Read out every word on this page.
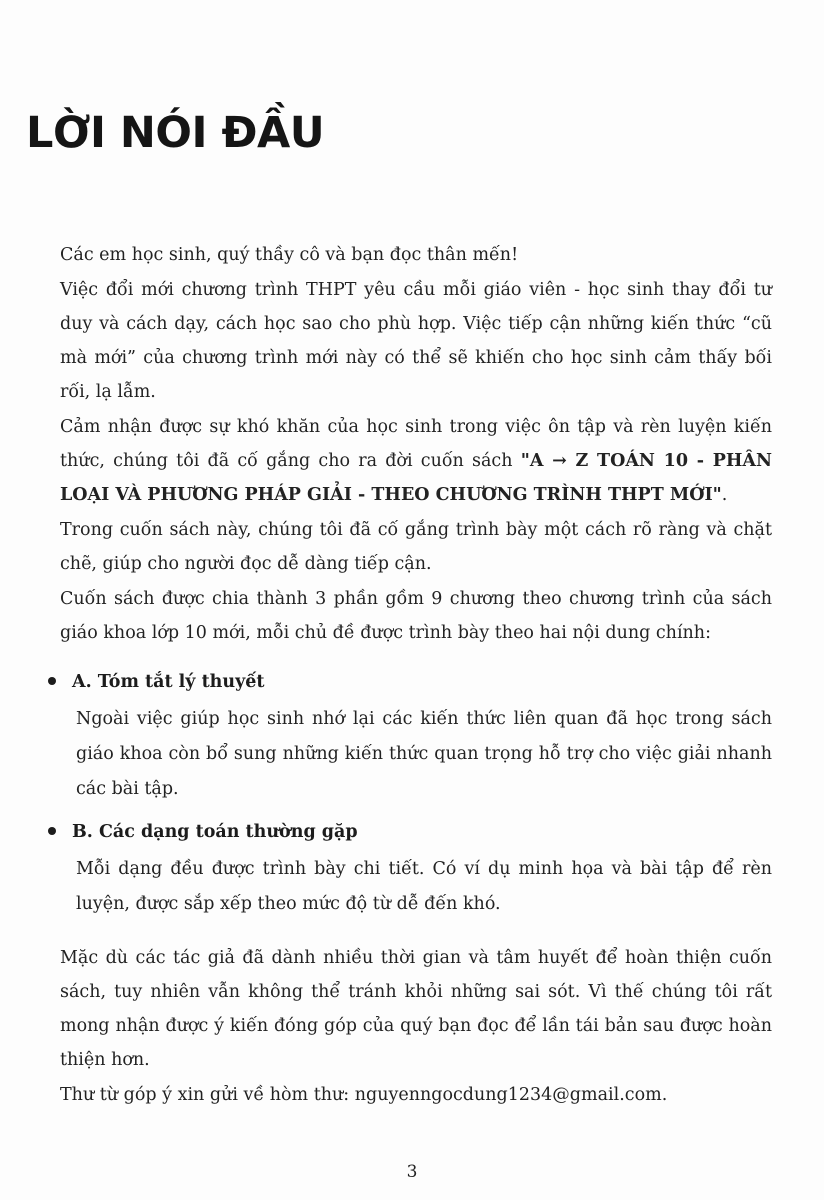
LỜI NÓI ĐẦU

Các em học sinh, quý thầy cô và bạn đọc thân mến!

Việc đổi mới chương trình THPT yêu cầu mỗi giáo viên - học sinh thay đổi tư duy và cách dạy, cách học sao cho phù hợp. Việc tiếp cận những kiến thức “cũ mà mới” của chương trình mới này có thể sẽ khiến cho học sinh cảm thấy bối rối, lạ lẫm.

Cảm nhận được sự khó khăn của học sinh trong việc ôn tập và rèn luyện kiến thức, chúng tôi đã cố gắng cho ra đời cuốn sách "A → Z TOÁN 10 - PHÂN LOẠI VÀ PHƯƠNG PHÁP GIẢI - THEO CHƯƠNG TRÌNH THPT MỚI".

Trong cuốn sách này, chúng tôi đã cố gắng trình bày một cách rõ ràng và chặt chẽ, giúp cho người đọc dễ dàng tiếp cận.

Cuốn sách được chia thành 3 phần gồm 9 chương theo chương trình của sách giáo khoa lớp 10 mới, mỗi chủ đề được trình bày theo hai nội dung chính:

A. Tóm tắt lý thuyết
Ngoài việc giúp học sinh nhớ lại các kiến thức liên quan đã học trong sách giáo khoa còn bổ sung những kiến thức quan trọng hỗ trợ cho việc giải nhanh các bài tập.
B. Các dạng toán thường gặp
Mỗi dạng đều được trình bày chi tiết. Có ví dụ minh họa và bài tập để rèn luyện, được sắp xếp theo mức độ từ dễ đến khó.

Mặc dù các tác giả đã dành nhiều thời gian và tâm huyết để hoàn thiện cuốn sách, tuy nhiên vẫn không thể tránh khỏi những sai sót. Vì thế chúng tôi rất mong nhận được ý kiến đóng góp của quý bạn đọc để lần tái bản sau được hoàn thiện hơn.

Thư từ góp ý xin gửi về hòm thư: nguyenngocdung1234@gmail.com.

3
